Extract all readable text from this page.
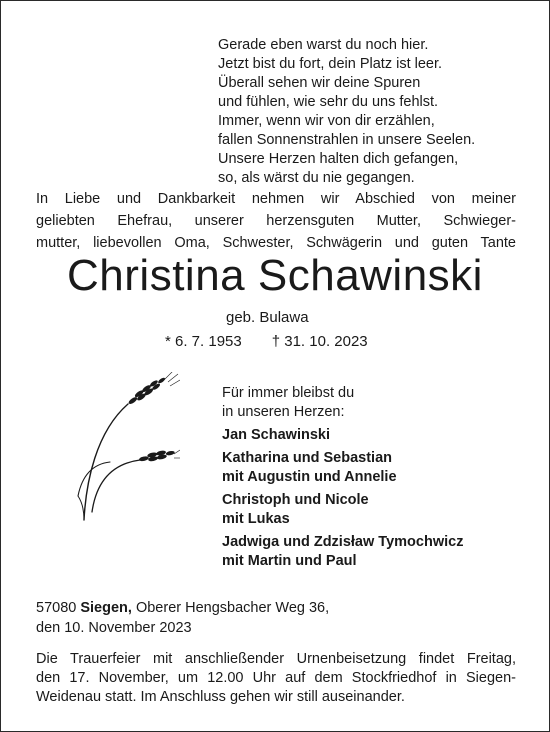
Gerade eben warst du noch hier.
Jetzt bist du fort, dein Platz ist leer.
Überall sehen wir deine Spuren
und fühlen, wie sehr du uns fehlst.
Immer, wenn wir von dir erzählen,
fallen Sonnenstrahlen in unsere Seelen.
Unsere Herzen halten dich gefangen,
so, als wärst du nie gegangen.
In Liebe und Dankbarkeit nehmen wir Abschied von meiner
geliebten Ehefrau, unserer herzensguten Mutter, Schwieger-
mutter, liebevollen Oma, Schwester, Schwägerin und guten Tante
Christina Schawinski
geb. Bulawa
* 6. 7. 1953 † 31. 10. 2023
Für immer bleibst du
in unseren Herzen:
Jan Schawinski
Katharina und Sebastian
mit Augustin und Annelie
Christoph und Nicole
mit Lukas
Jadwiga und Zdzisław Tymochwicz
mit Martin und Paul
57080 Siegen, Oberer Hengsbacher Weg 36,
den 10. November 2023
Die Trauerfeier mit anschließender Urnenbeisetzung findet Freitag,
den 17. November, um 12.00 Uhr auf dem Stockfriedhof in Siegen-
Weidenau statt. Im Anschluss gehen wir still auseinander.
